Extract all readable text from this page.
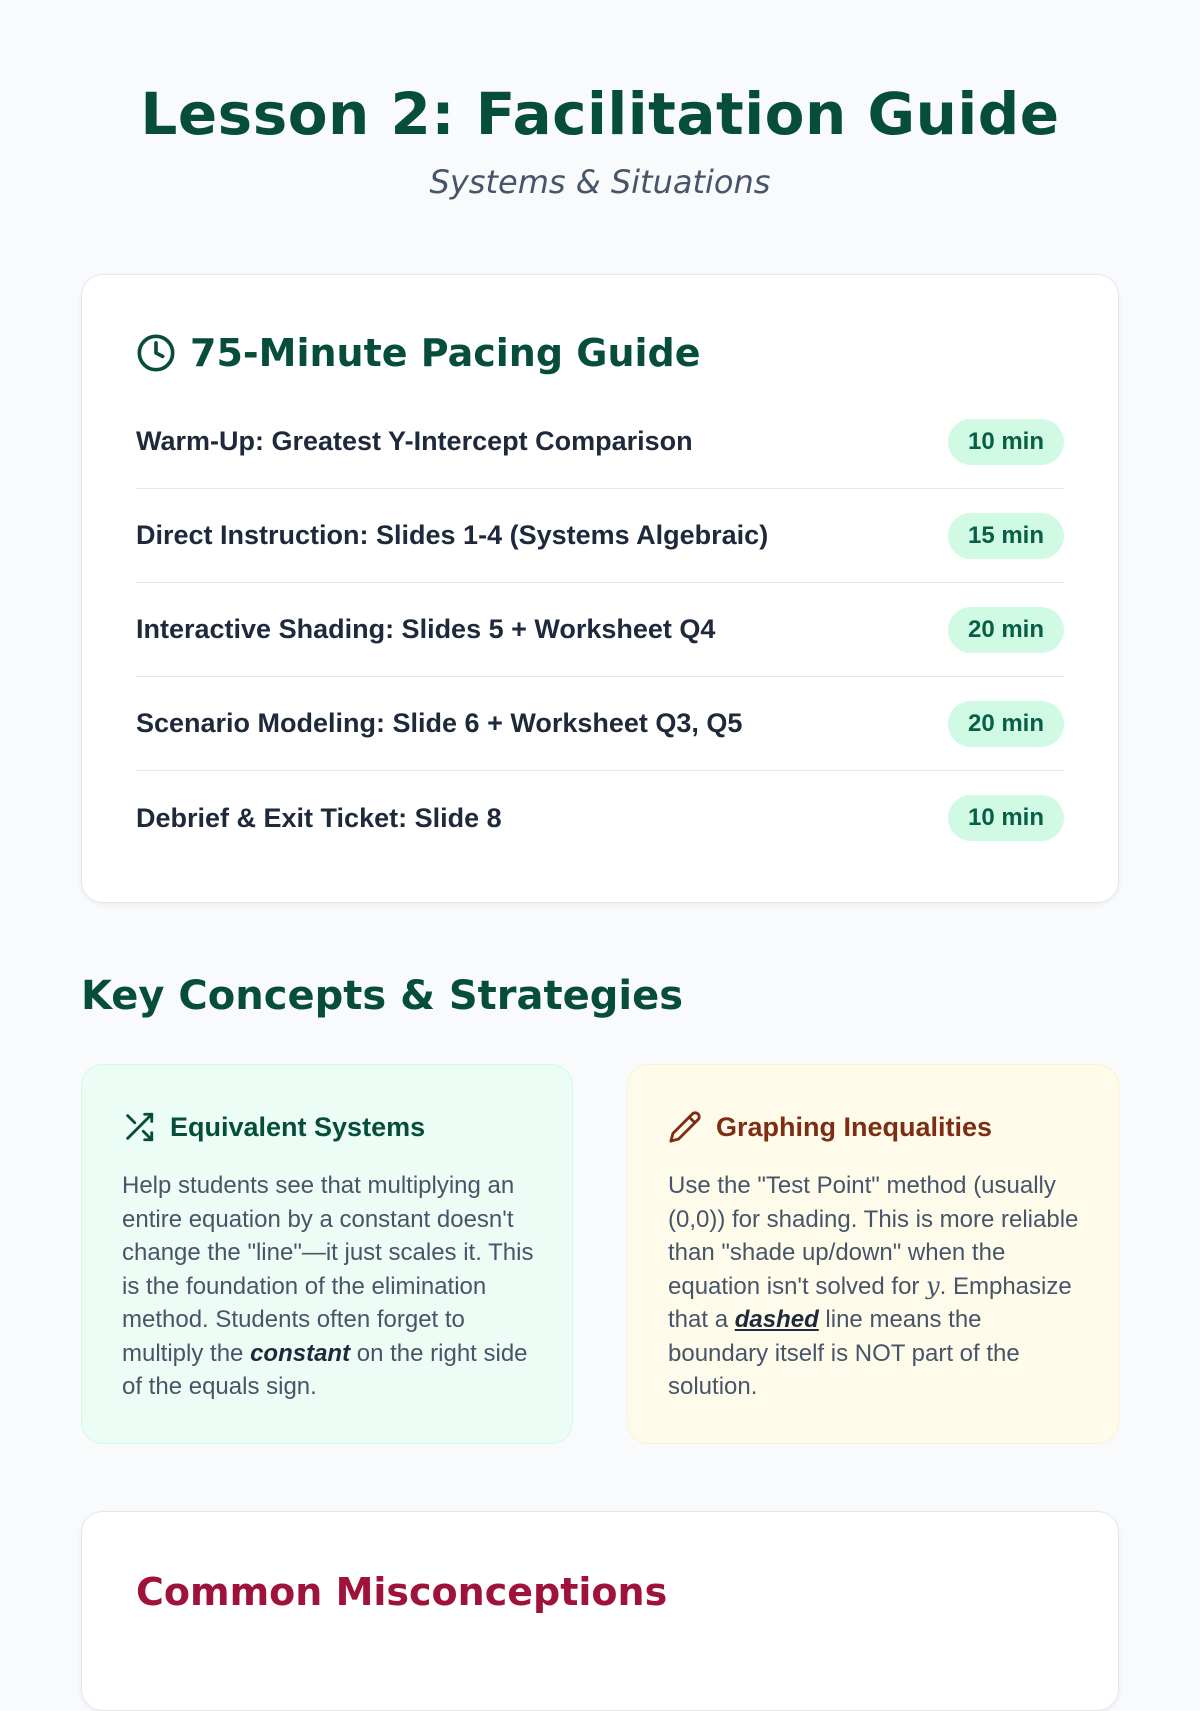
Lesson 2: Facilitation Guide
Systems & Situations
75-Minute Pacing Guide
Warm-Up: Greatest Y-Intercept Comparison	10 min
Direct Instruction: Slides 1-4 (Systems Algebraic)	15 min
Interactive Shading: Slides 5 + Worksheet Q4	20 min
Scenario Modeling: Slide 6 + Worksheet Q3, Q5	20 min
Debrief & Exit Ticket: Slide 8	10 min
Key Concepts & Strategies
Equivalent Systems

Help students see that multiplying an entire equation by a constant doesn't change the "line"—it just scales it. This is the foundation of the elimination method. Students often forget to multiply the constant on the right side of the equals sign.

Graphing Inequalities

Use the "Test Point" method (usually (0,0)) for shading. This is more reliable than "shade up/down" when the equation isn't solved for y. Emphasize that a dashed line means the boundary itself is NOT part of the solution.

Common Misconceptions
